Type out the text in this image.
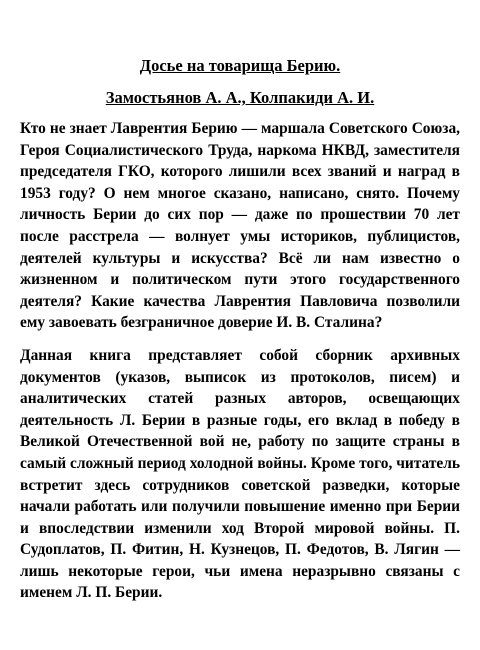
Досье на товарища Берию.
Замостьянов А. А., Колпакиди А. И.

Кто не знает Лаврентия Берию — маршала Советского Союза, Героя Социалистического Труда, наркома НКВД, заместителя председателя ГКО, которого лишили всех званий и наград в 1953 году? О нем многое сказано, написано, снято. Почему личность Берии до сих пор — даже по прошествии 70 лет после расстрела — волнует умы историков, публицистов, деятелей культуры и искусства? Всё ли нам известно о жизненном и политическом пути этого государственного деятеля? Какие качества Лаврентия Павловича позволили ему завоевать безграничное доверие И. В. Сталина?

Данная книга представляет собой сборник архивных документов (указов, выписок из протоколов, писем) и аналитических статей разных авторов, освещающих деятельность Л. Берии в разные годы, его вклад в победу в Великой Отечественной вой не, работу по защите страны в самый сложный период холодной войны. Кроме того, читатель встретит здесь сотрудников советской разведки, которые начали работать или получили повышение именно при Берии и впоследствии изменили ход Второй мировой войны. П. Судоплатов, П. Фитин, Н. Кузнецов, П. Федотов, В. Лягин — лишь некоторые герои, чьи имена неразрывно связаны с именем Л. П. Берии.
